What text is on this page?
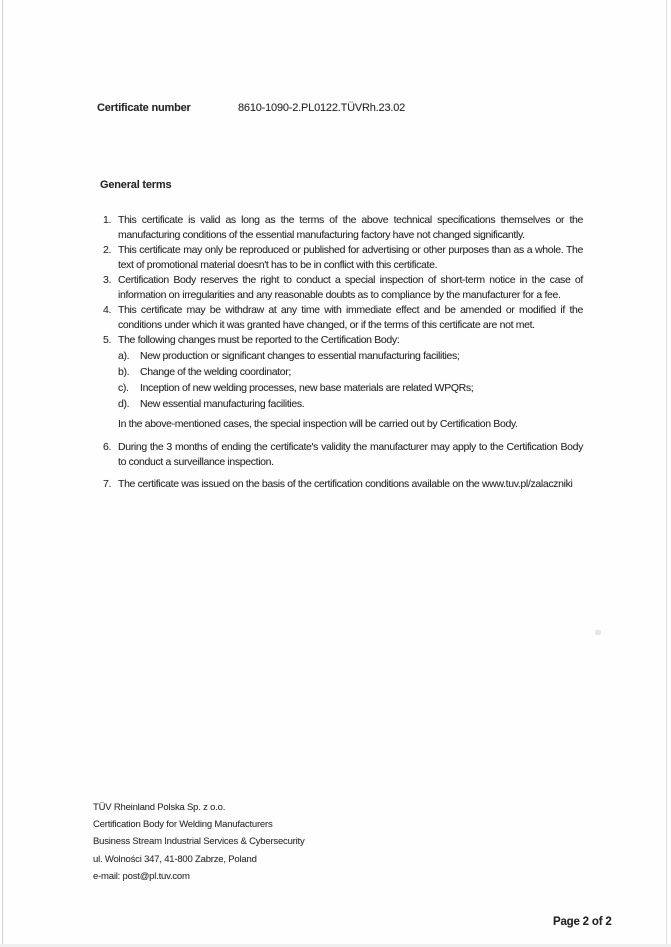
Certificate number	8610-1090-2.PL0122.TÜVRh.23.02
General terms
1. This certificate is valid as long as the terms of the above technical specifications themselves or the manufacturing conditions of the essential manufacturing factory have not changed significantly.
2. This certificate may only be reproduced or published for advertising or other purposes than as a whole. The text of promotional material doesn't has to be in conflict with this certificate.
3. Certification Body reserves the right to conduct a special inspection of short-term notice in the case of information on irregularities and any reasonable doubts as to compliance by the manufacturer for a fee.
4. This certificate may be withdraw at any time with immediate effect and be amended or modified if the conditions under which it was granted have changed, or if the terms of this certificate are not met.
5. The following changes must be reported to the Certification Body:
a).	New production or significant changes to essential manufacturing facilities;
b).	Change of the welding coordinator;
c).	Inception of new welding processes, new base materials are related WPQRs;
d).	New essential manufacturing facilities.
In the above-mentioned cases, the special inspection will be carried out by Certification Body.
6. During the 3 months of ending the certificate's validity the manufacturer may apply to the Certification Body to conduct a surveillance inspection.
7. The certificate was issued on the basis of the certification conditions available on the www.tuv.pl/zalaczniki
TÜV Rheinland Polska Sp. z o.o.
Certification Body for Welding Manufacturers
Business Stream Industrial Services & Cybersecurity
ul. Wolności 347, 41-800 Zabrze, Poland
e-mail: post@pl.tuv.com
Page 2 of 2
